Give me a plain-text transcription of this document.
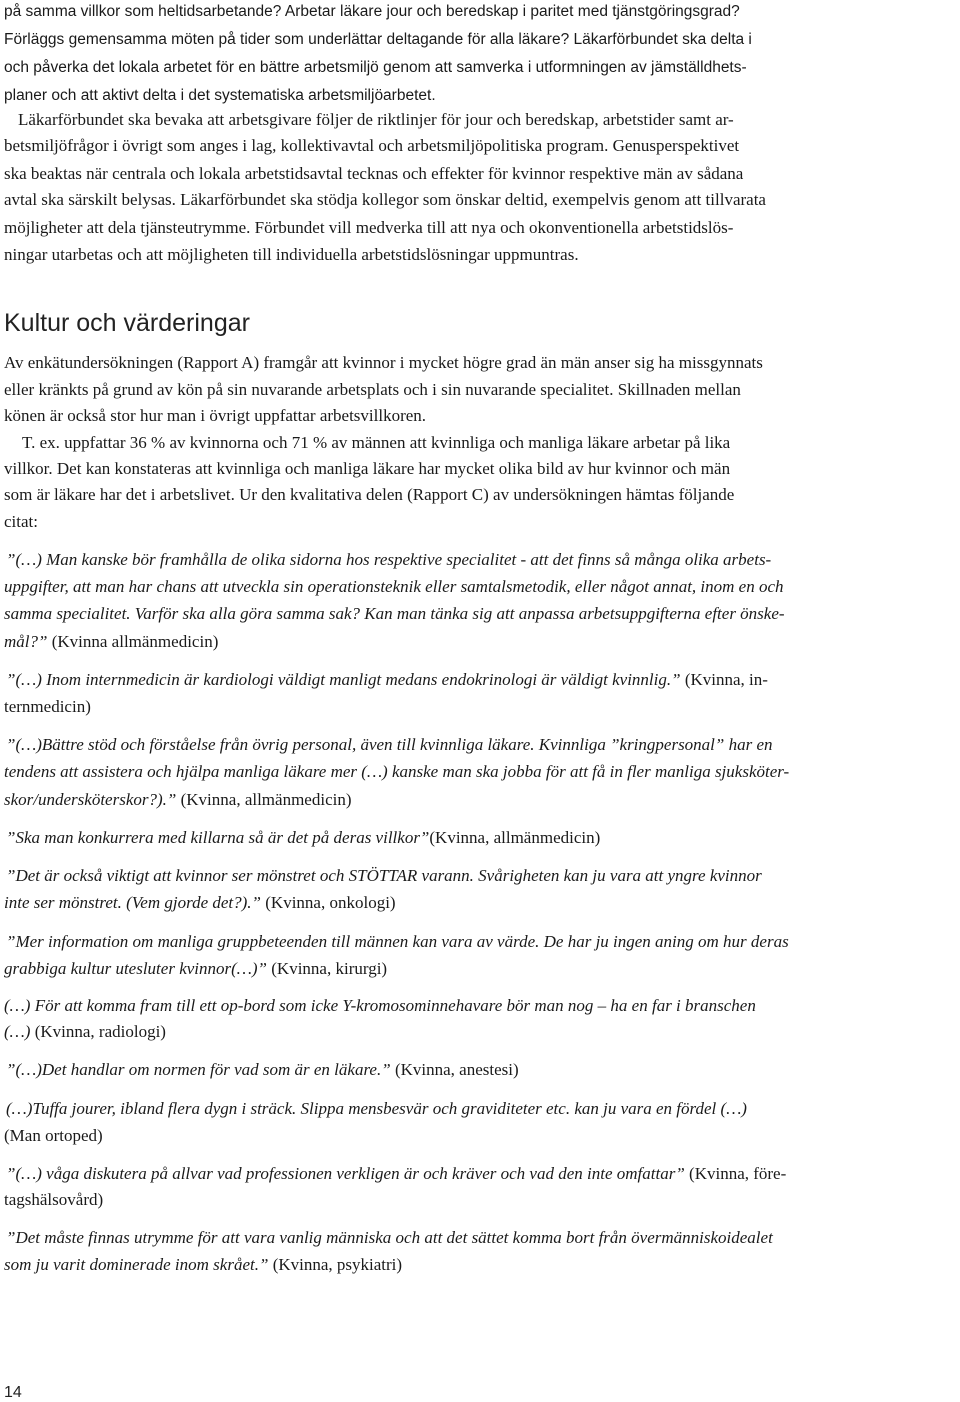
på samma villkor som heltidsarbetande? Arbetar läkare jour och beredskap i paritet med tjänstgöringsgrad?
Förläggs gemensamma möten på tider som underlättar deltagande för alla läkare? Läkarförbundet ska delta i
och påverka det lokala arbetet för en bättre arbetsmiljö genom att samverka i utformningen av jämställdhets-
planer och att aktivt delta i det systematiska arbetsmiljöarbetet.
Läkarförbundet ska bevaka att arbetsgivare följer de riktlinjer för jour och beredskap, arbetstider samt ar-
betsmiljöfrågor i övrigt som anges i lag, kollektivavtal och arbetsmiljöpolitiska program. Genusperspektivet
ska beaktas när centrala och lokala arbetstidsavtal tecknas och effekter för kvinnor respektive män av sådana
avtal ska särskilt belysas. Läkarförbundet ska stödja kollegor som önskar deltid, exempelvis genom att tillvarata
möjligheter att dela tjänsteutrymme. Förbundet vill medverka till att nya och okonventionella arbetstidslös-
ningar utarbetas och att möjligheten till individuella arbetstidslösningar uppmuntras.
Kultur och värderingar
Av enkätundersökningen (Rapport A) framgår att kvinnor i mycket högre grad än män anser sig ha missgynnats
eller kränkts på grund av kön på sin nuvarande arbetsplats och i sin nuvarande specialitet. Skillnaden mellan
könen är också stor hur man i övrigt uppfattar arbetsvillkoren.
T. ex. uppfattar 36 % av kvinnorna och 71 % av männen att kvinnliga och manliga läkare arbetar på lika
villkor. Det kan konstateras att kvinnliga och manliga läkare har mycket olika bild av hur kvinnor och män
som är läkare har det i arbetslivet. Ur den kvalitativa delen (Rapport C) av undersökningen hämtas följande
citat:
”(…) Man kanske bör framhålla de olika sidorna hos respektive specialitet - att det finns så många olika arbets-
uppgifter, att man har chans att utveckla sin operationsteknik eller samtalsmetodik, eller något annat, inom en och
samma specialitet. Varför ska alla göra samma sak? Kan man tänka sig att anpassa arbetsuppgifterna efter önske-
mål?” (Kvinna allmänmedicin)
”(…) Inom internmedicin är kardiologi väldigt manligt medans endokrinologi är väldigt kvinnlig.” (Kvinna, in-
ternmedicin)
”(…)Bättre stöd och förståelse från övrig personal, även till kvinnliga läkare. Kvinnliga ”kringpersonal” har en
tendens att assistera och hjälpa manliga läkare mer (…) kanske man ska jobba för att få in fler manliga sjuksköter-
skor/undersköterskor?).” (Kvinna, allmänmedicin)
”Ska man konkurrera med killarna så är det på deras villkor”(Kvinna, allmänmedicin)
”Det är också viktigt att kvinnor ser mönstret och STÖTTAR varann. Svårigheten kan ju vara att yngre kvinnor
inte ser mönstret. (Vem gjorde det?).” (Kvinna, onkologi)
”Mer information om manliga gruppbeteenden till männen kan vara av värde. De har ju ingen aning om hur deras
grabbiga kultur utesluter kvinnor(…)” (Kvinna, kirurgi)
(…) För att komma fram till ett op-bord som icke Y-kromosominnehavare bör man nog – ha en far i branschen
(…) (Kvinna, radiologi)
”(…)Det handlar om normen för vad som är en läkare.” (Kvinna, anestesi)
(…)Tuffa jourer, ibland flera dygn i sträck. Slippa mensbesvär och graviditeter etc. kan ju vara en fördel (…)
(Man ortoped)
”(…) våga diskutera på allvar vad professionen verkligen är och kräver och vad den inte omfattar” (Kvinna, före-
tagshälsovård)
”Det måste finnas utrymme för att vara vanlig människa och att det sättet komma bort från övermänniskoidealet
som ju varit dominerade inom skrået.” (Kvinna, psykiatri)
14
